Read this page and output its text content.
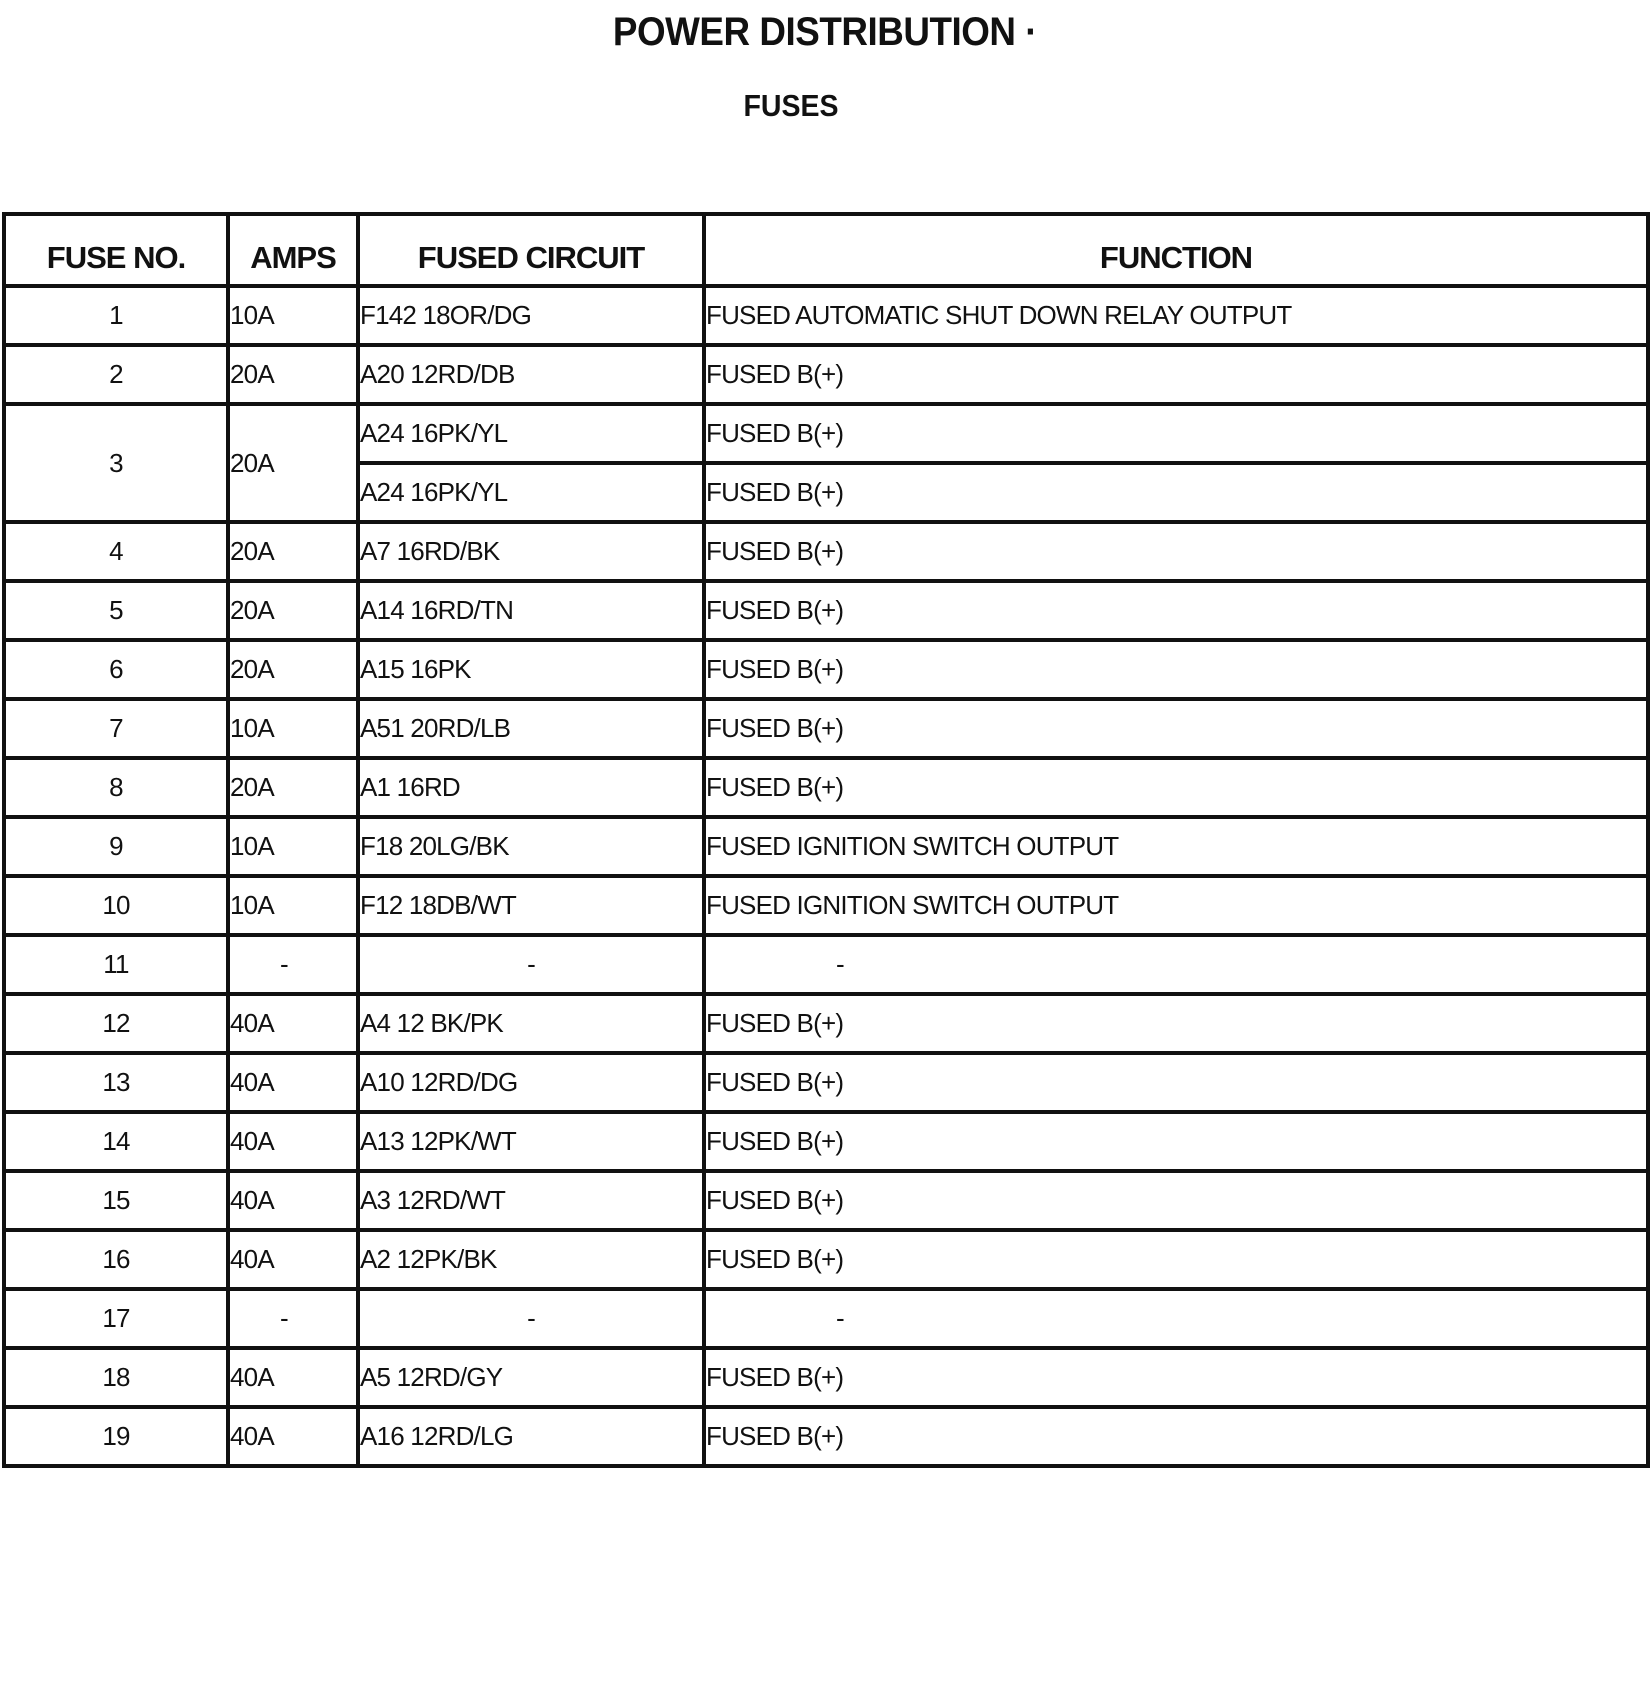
POWER DISTRIBUTION ·
FUSES
FUSE NO.	AMPS	FUSED CIRCUIT	FUNCTION
1	10A	F142 18OR/DG	FUSED AUTOMATIC SHUT DOWN RELAY OUTPUT
2	20A	A20 12RD/DB	FUSED B(+)
3	20A	A24 16PK/YL	FUSED B(+)
		A24 16PK/YL	FUSED B(+)
4	20A	A7 16RD/BK	FUSED B(+)
5	20A	A14 16RD/TN	FUSED B(+)
6	20A	A15 16PK	FUSED B(+)
7	10A	A51 20RD/LB	FUSED B(+)
8	20A	A1 16RD	FUSED B(+)
9	10A	F18 20LG/BK	FUSED IGNITION SWITCH OUTPUT
10	10A	F12 18DB/WT	FUSED IGNITION SWITCH OUTPUT
11	-	-	-
12	40A	A4 12 BK/PK	FUSED B(+)
13	40A	A10 12RD/DG	FUSED B(+)
14	40A	A13 12PK/WT	FUSED B(+)
15	40A	A3 12RD/WT	FUSED B(+)
16	40A	A2 12PK/BK	FUSED B(+)
17	-	-	-
18	40A	A5 12RD/GY	FUSED B(+)
19	40A	A16 12RD/LG	FUSED B(+)
